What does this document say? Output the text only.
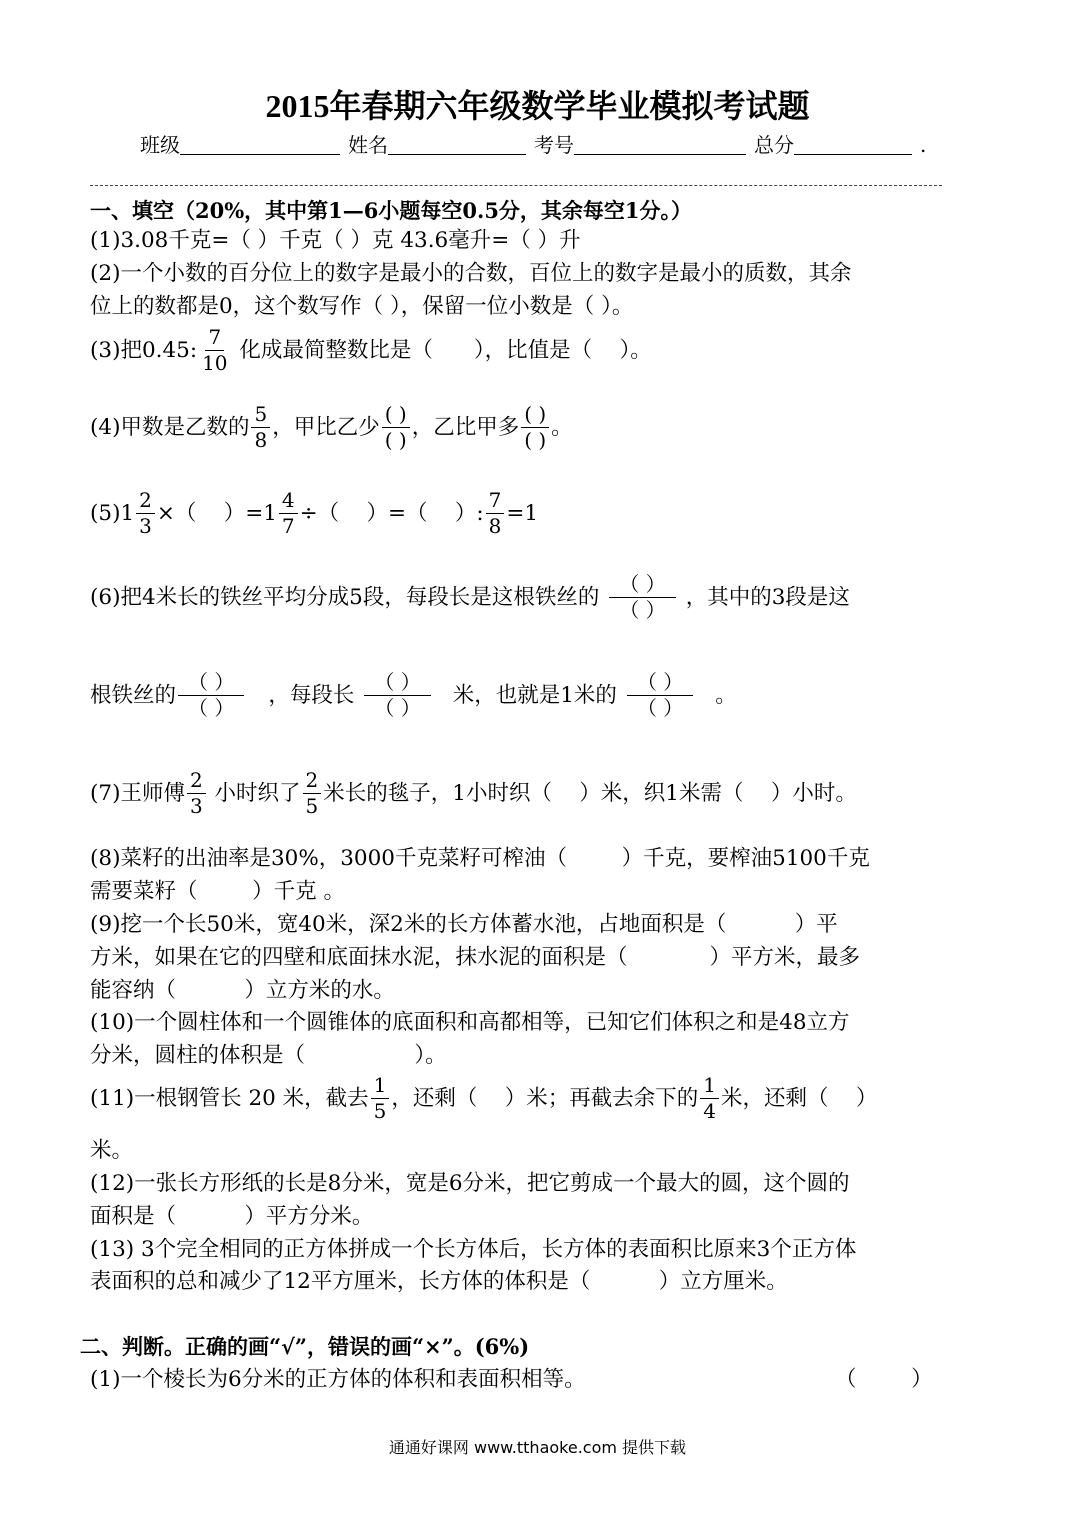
2015年春期六年级数学毕业模拟考试题
班级	姓名	考号	总分	.
一、填空（20%，其中第1—6小题每空0.5分，其余每空1分。）
(1)3.08千克=（ ）千克（ ）克 43.6毫升=（ ）升
(2)一个小数的百分位上的数字是最小的合数，百位上的数字是最小的质数，其余
位上的数都是0，这个数写作（ ），保留一位小数是（ ）。
(3)把0.45: $\frac{7}{10}$ 化成最简整数比是（      ），比值是（    ）。
(4)甲数是乙数的 $\frac{5}{8}$ ，甲比乙少 $\frac{( )}{( )}$ ，乙比甲多 $\frac{( )}{( )}$ 。
$(5)1 \frac{2}{3}$ ×（    ）$=1 \frac{4}{7}$ ÷（    ）=（    ）: $\frac{7}{8} =1$
(6)把4米长的铁丝平均分成5段，每段长是这根铁丝的 $\frac{( )}{( )}$ ，其中的3段是这
根铁丝的 $\frac{( )}{( )}$ ，每段长 $\frac{( )}{( )}$ 米，也就是1米的 $\frac{( )}{( )}$ 。
(7)王师傅 $\frac{2}{3}$ 小时织了 $\frac{2}{5}$ 米长的毯子，1小时织（    ）米，织1米需（    ）小时。
(8)菜籽的出油率是30%，3000千克菜籽可榨油（        ）千克，要榨油5100千克
需要菜籽（        ）千克 。
(9)挖一个长50米，宽40米，深2米的长方体蓄水池，占地面积是（          ）平
方米，如果在它的四壁和底面抹水泥，抹水泥的面积是（            ）平方米，最多
能容纳（          ）立方米的水。
(10)一个圆柱体和一个圆锥体的底面积和高都相等，已知它们体积之和是48立方
分米，圆柱的体积是（                ）。
(11)一根钢管长 20 米，截去 $\frac{1}{5}$ ，还剩（    ）米；再截去余下的 $\frac{1}{4}$ 米，还剩（    ）
米。
(12)一张长方形纸的长是8分米，宽是6分米，把它剪成一个最大的圆，这个圆的
面积是（          ）平方分米。
(13) 3个完全相同的正方体拼成一个长方体后，长方体的表面积比原来3个正方体
表面积的总和减少了12平方厘米，长方体的体积是（          ）立方厘米。
二、判断。正确的画“√”，错误的画“×”。(6%)
(1)一个棱长为6分米的正方体的体积和表面积相等。	（        ）
通通好课网 www.tthaoke.com 提供下载
